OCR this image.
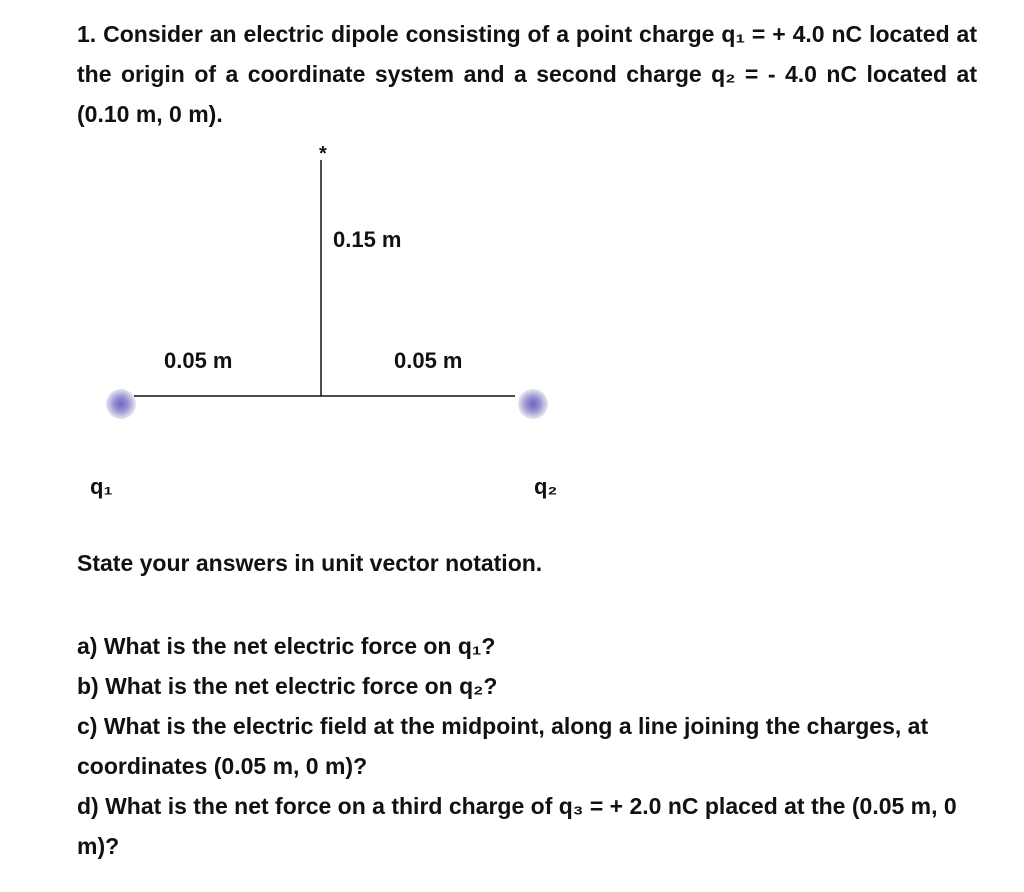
1. Consider an electric dipole consisting of a point charge q₁ = + 4.0 nC located at the origin of a coordinate system and a second charge q₂ = - 4.0 nC located at (0.10 m, 0 m).
*
0.15 m
0.05 m	0.05 m
q₁	q₂
State your answers in unit vector notation.
a) What is the net electric force on q₁?
b) What is the net electric force on q₂?
c) What is the electric field at the midpoint, along a line joining the charges, at coordinates (0.05 m, 0 m)?
d) What is the net force on a third charge of q₃ = + 2.0 nC placed at the (0.05 m, 0 m)?
